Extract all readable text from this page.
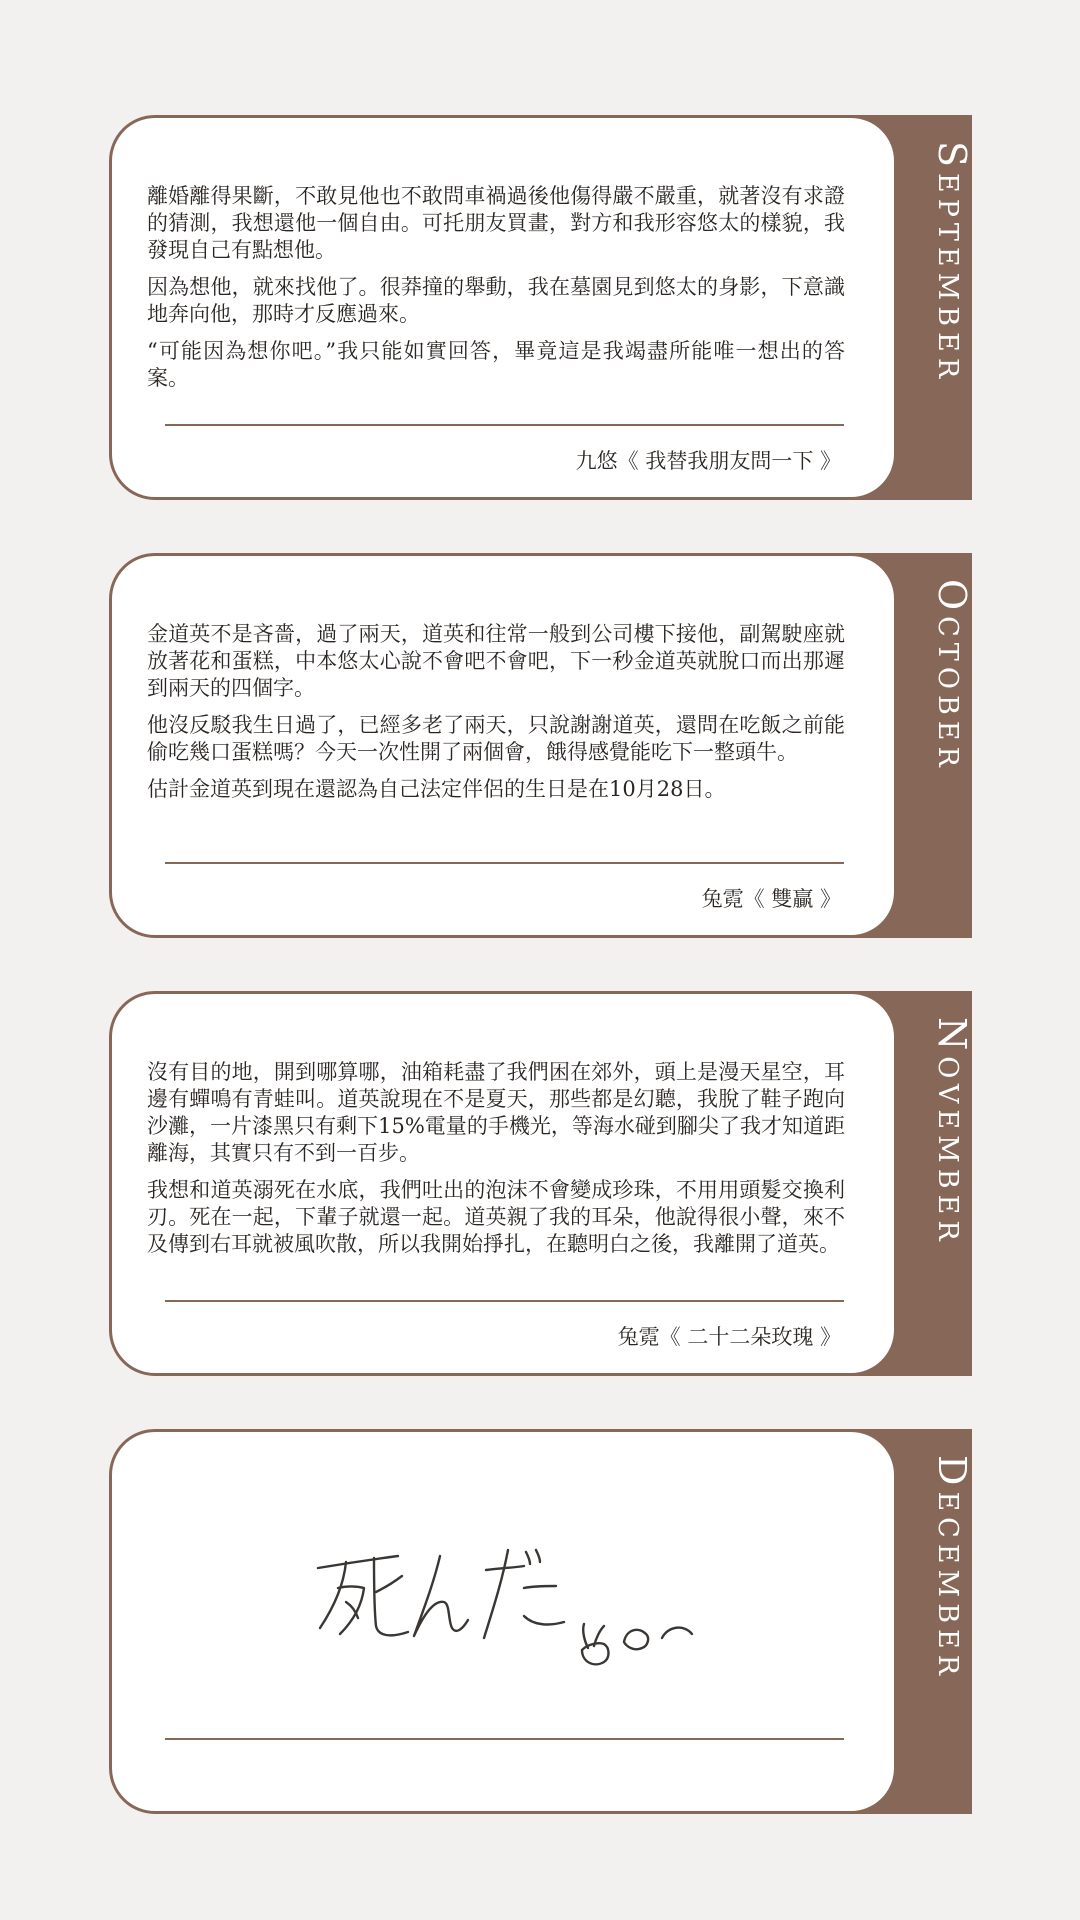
September

離婚離得果斷，不敢見他也不敢問車禍過後他傷得嚴不嚴重，就著沒有求證的猜測，我想還他一個自由。可托朋友買畫，對方和我形容悠太的樣貌，我發現自己有點想他。

因為想他，就來找他了。很莽撞的舉動，我在墓園見到悠太的身影，下意識地奔向他，那時才反應過來。

“可能因為想你吧。”我只能如實回答，畢竟這是我竭盡所能唯一想出的答案。

九悠《 我替我朋友問一下 》
October

金道英不是吝嗇，過了兩天，道英和往常一般到公司樓下接他，副駕駛座就放著花和蛋糕，中本悠太心說不會吧不會吧，下一秒金道英就脫口而出那遲到兩天的四個字。

他沒反駁我生日過了，已經多老了兩天，只說謝謝道英，還問在吃飯之前能偷吃幾口蛋糕嗎？今天一次性開了兩個會，餓得感覺能吃下一整頭牛。

估計金道英到現在還認為自己法定伴侶的生日是在10月28日。

兔霓《 雙贏 》
November

沒有目的地，開到哪算哪，油箱耗盡了我們困在郊外，頭上是漫天星空，耳邊有蟬鳴有青蛙叫。道英說現在不是夏天，那些都是幻聽，我脫了鞋子跑向沙灘，一片漆黑只有剩下15%電量的手機光，等海水碰到腳尖了我才知道距離海，其實只有不到一百步。

我想和道英溺死在水底，我們吐出的泡沫不會變成珍珠，不用用頭髮交換利刃。死在一起，下輩子就還一起。道英親了我的耳朵，他說得很小聲，來不及傳到右耳就被風吹散，所以我開始掙扎，在聽明白之後，我離開了道英。

兔霓《 二十二朵玫瑰 》
December
